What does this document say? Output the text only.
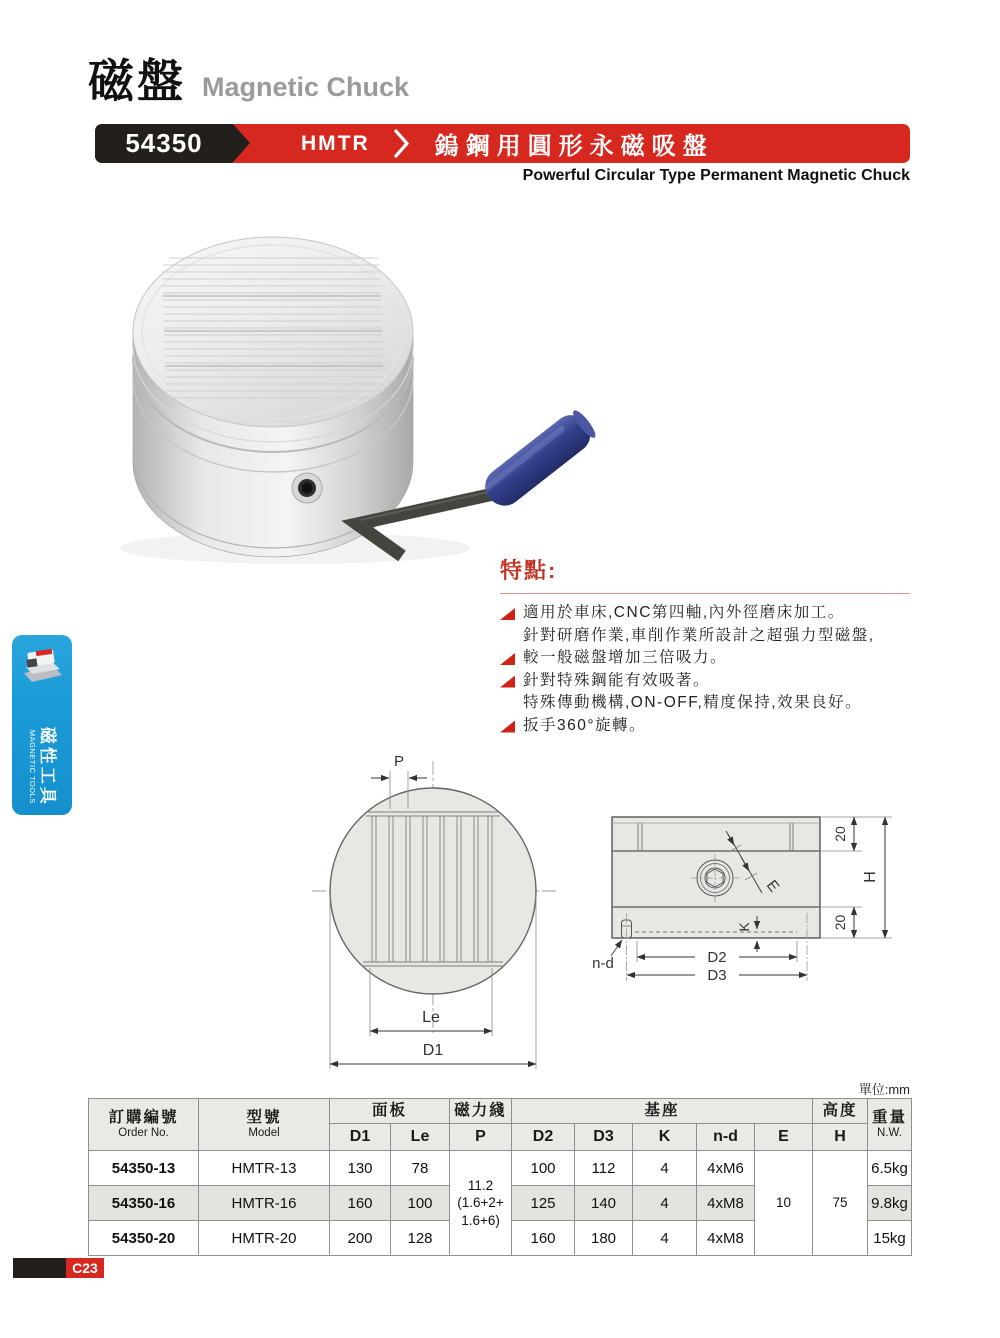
磁盤 Magnetic Chuck
54350	HMTR	鎢鋼用圓形永磁吸盤
Powerful Circular Type Permanent Magnetic Chuck
特點:
適用於車床,CNC第四軸,內外徑磨床加工。
針對研磨作業,車削作業所設計之超强力型磁盤,
較一般磁盤增加三倍吸力。
針對特殊鋼能有效吸著。
特殊傳動機構,ON-OFF,精度保持,效果良好。
扳手360°旋轉。
磁性工具
MAGNETIC TOOLS	P
Le
D1
E
n-d
K
20
20
H
D2
D3
單位:mm
訂購編號
Order No.

型號
Model
	面板	磁力綫	基座	高度	重量
N.W.

		D1	Le	P	D2	D3	K	n-d	E	H	
54350-13	HMTR-13	130	78	11.2
(1.6+2+
1.6+6)	100	112	4	4xM6	10	75	6.5kg
54350-16	HMTR-16	160	100		125	140	4	4xM8			9.8kg
54350-20	HMTR-20	200	128		160	180	4	4xM8			15kg
C23
